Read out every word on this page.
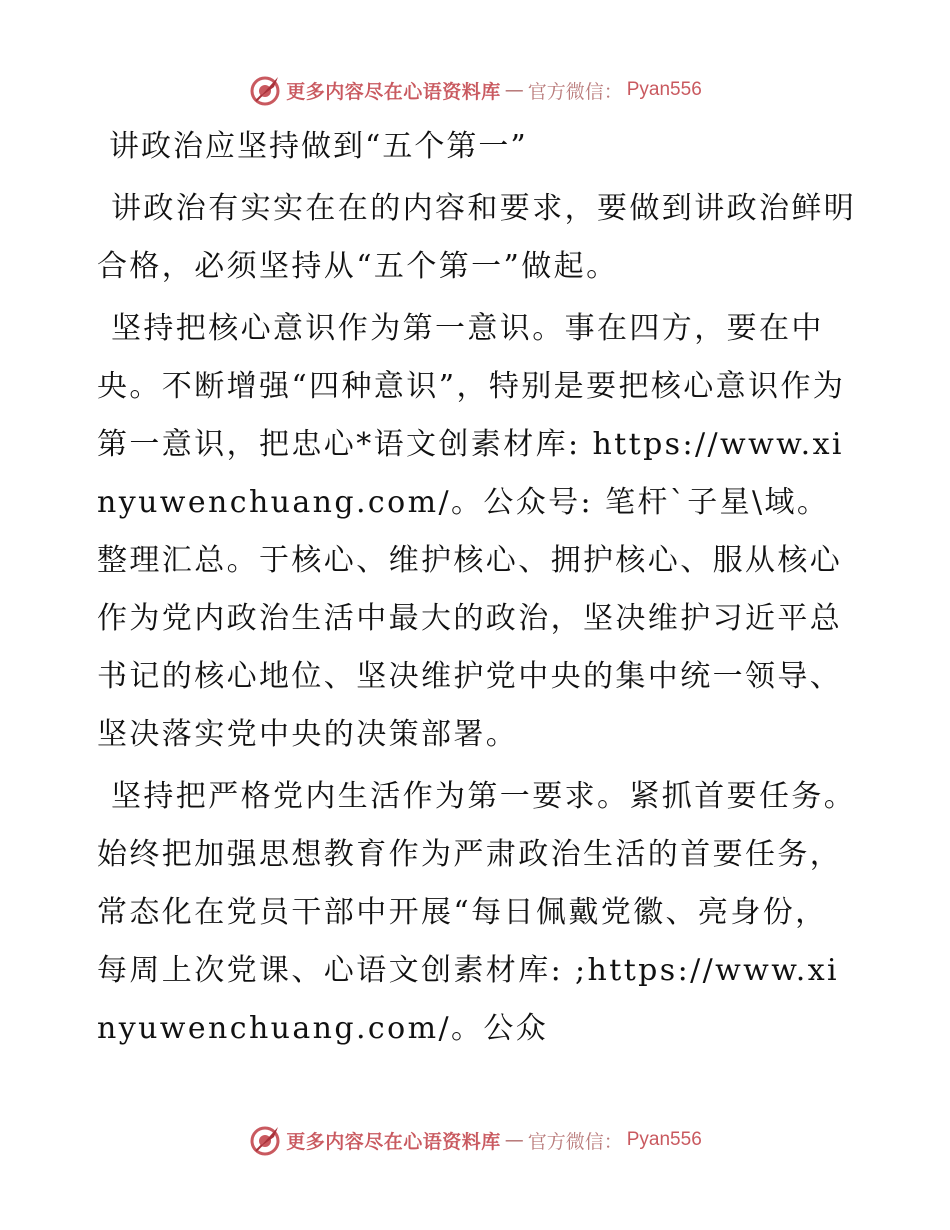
更多内容尽在心语资料库 — 官方微信： Pyan556
讲政治应坚持做到“五个第一”

讲政治有实实在在的内容和要求，要做到讲政治鲜明合格，必须坚持从“五个第一”做起。

坚持把核心意识作为第一意识。事在四方，要在中央。不断增强“四种意识”，特别是要把核心意识作为第一意识，把忠心*语文创素材库: https://www.xinyuwenchuang.com/。公众号: 笔杆`子星\域。整理汇总。于核心、维护核心、拥护核心、服从核心作为党内政治生活中最大的政治，坚决维护习近平总书记的核心地位、坚决维护党中央的集中统一领导、坚决落实党中央的决策部署。

坚持把严格党内生活作为第一要求。紧抓首要任务。始终把加强思想教育作为严肃政治生活的首要任务，常态化在党员干部中开展“每日佩戴党徽、亮身份，每周上次党课、心语文创素材库: ;https://www.xinyuwenchuang.com/。公众

更多内容尽在心语资料库 — 官方微信： Pyan556
